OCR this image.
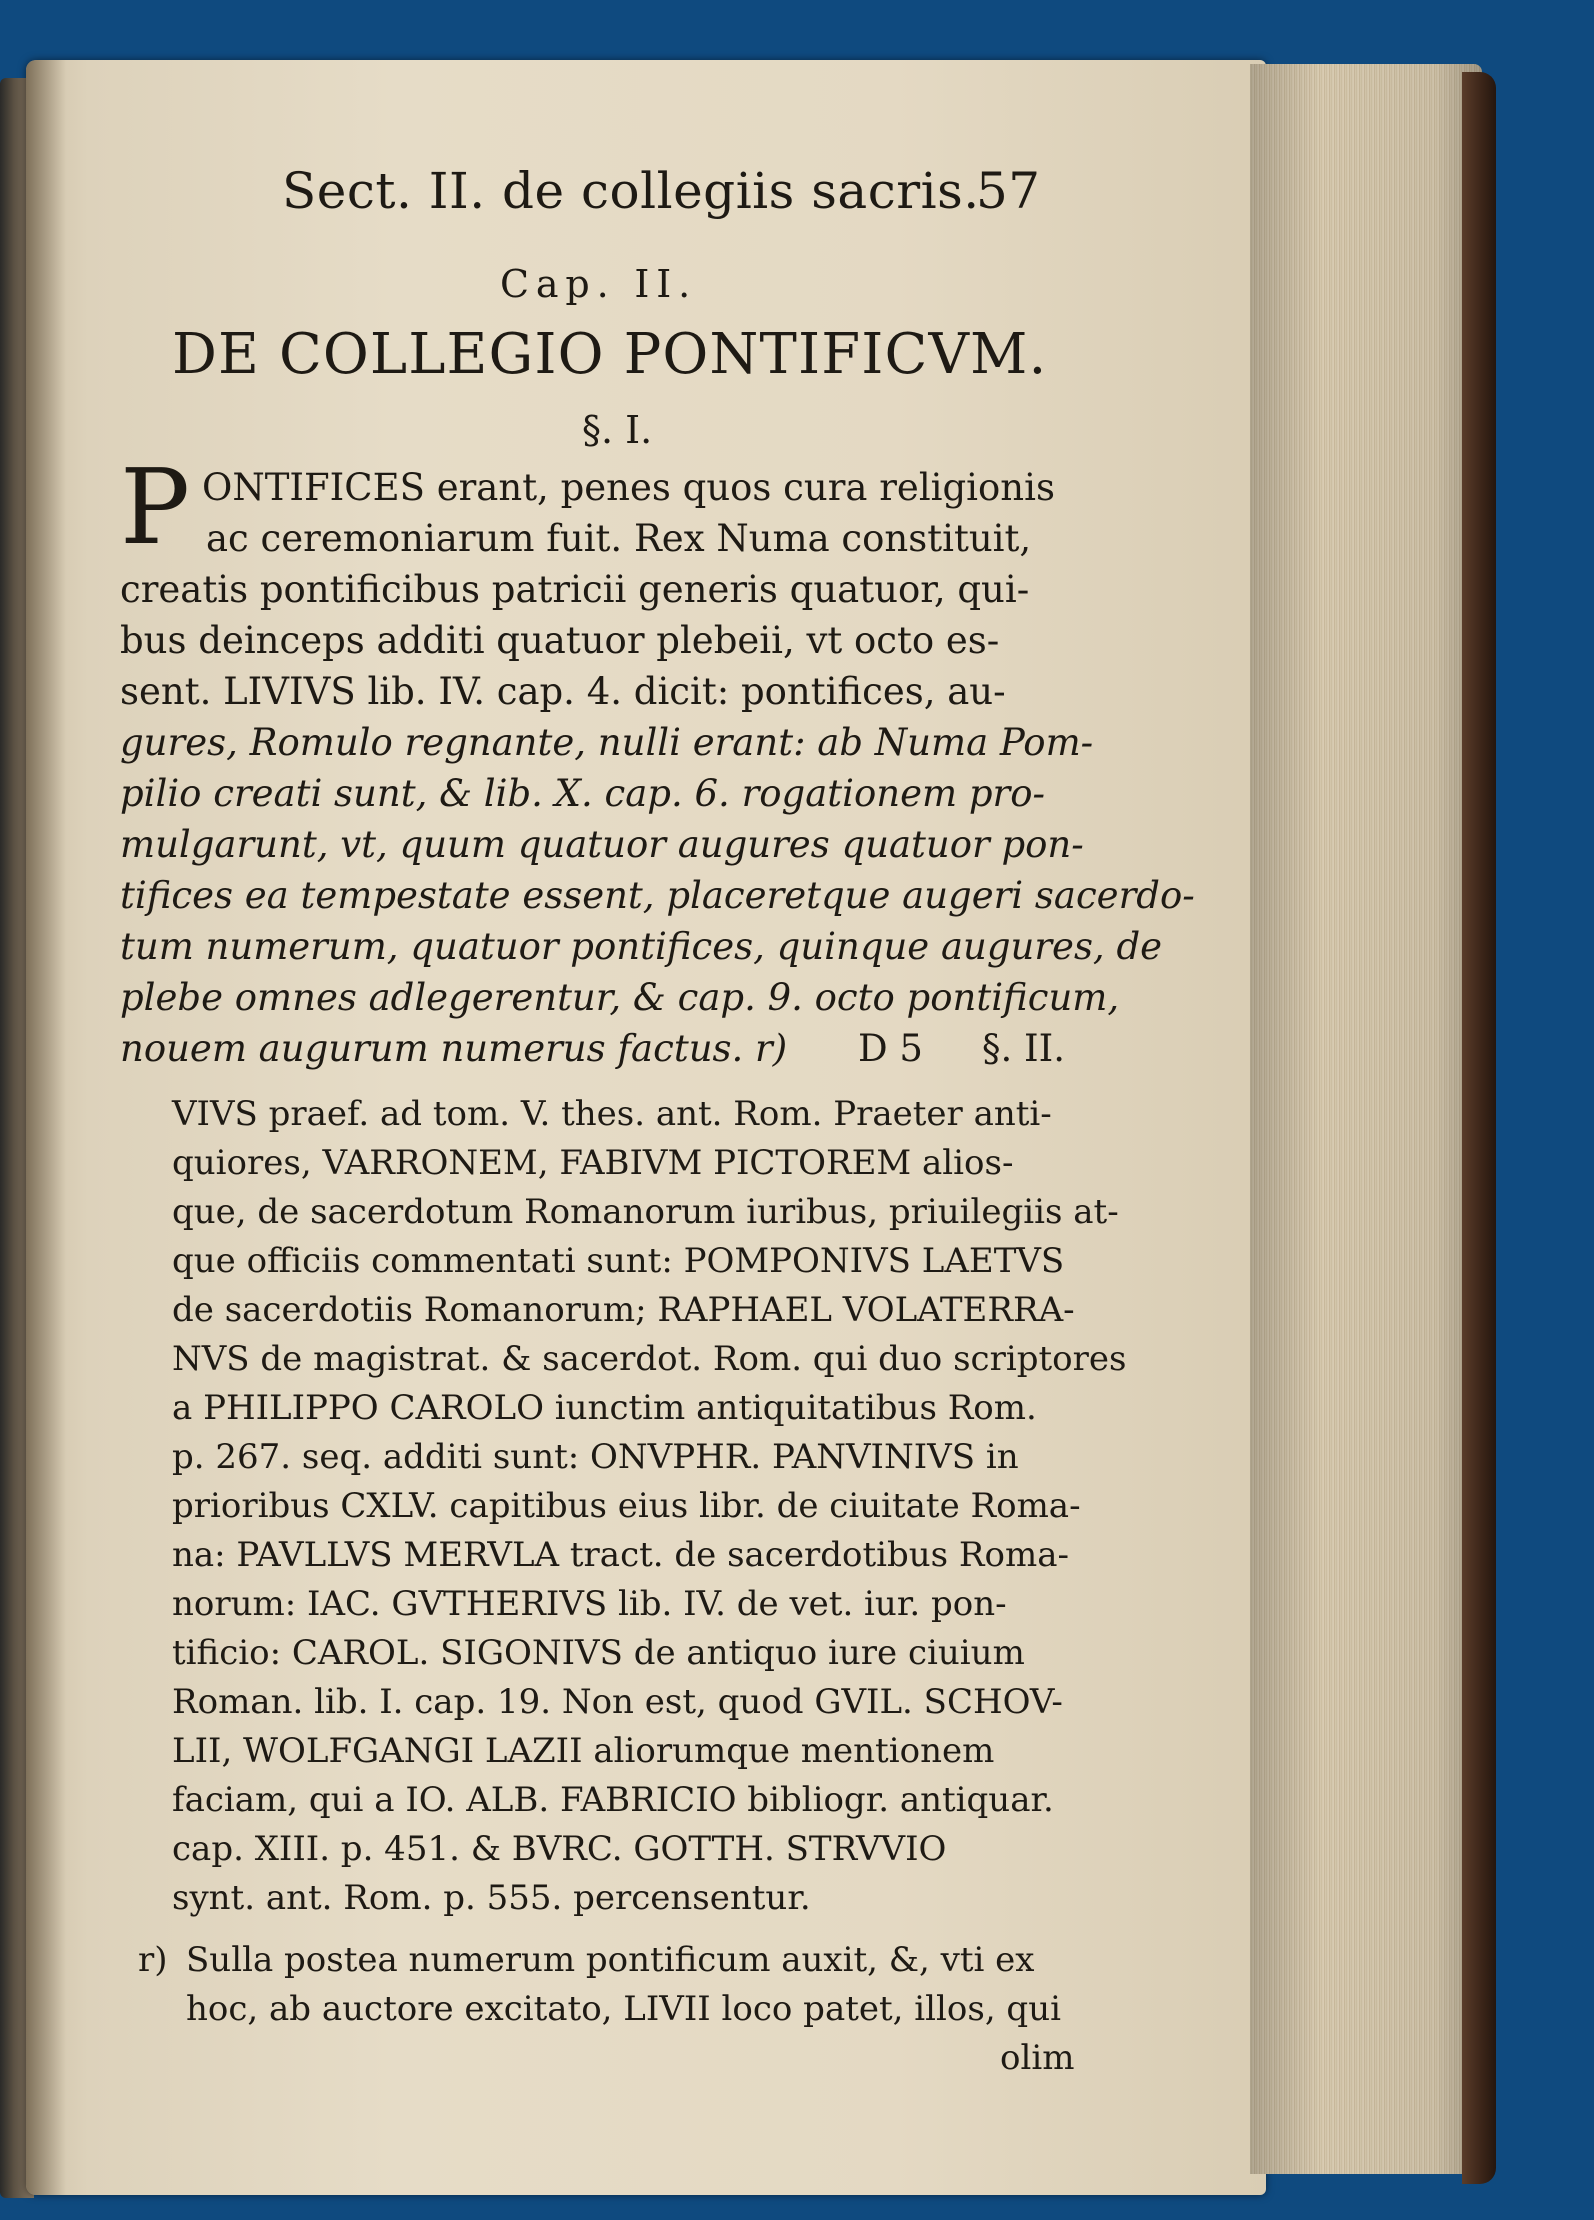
Sect. II. de collegiis sacris.
57
Cap. II.
DE COLLEGIO PONTIFICVM.
§. I.
P ONTIFICES erant, penes quos cura religionis
ac ceremoniarum fuit. Rex Numa constituit,
creatis pontificibus patricii generis quatuor, qui-
bus deinceps additi quatuor plebeii, vt octo es-
sent. LIVIVS lib. IV. cap. 4. dicit: pontifices, au-
gures, Romulo regnante, nulli erant: ab Numa Pom-
pilio creati sunt, & lib. X. cap. 6. rogationem pro-
mulgarunt, vt, quum quatuor augures quatuor pon-
tifices ea tempestate essent, placeretque augeri sacerdo-
tum numerum, quatuor pontifices, quinque augures, de
plebe omnes adlegerentur, & cap. 9. octo pontificum,
nouem augurum numerus factus. r) D 5 §. II.
VIVS praef. ad tom. V. thes. ant. Rom. Praeter anti-
quiores, VARRONEM, FABIVM PICTOREM alios-
que, de sacerdotum Romanorum iuribus, priuilegiis at-
que officiis commentati sunt: POMPONIVS LAETVS
de sacerdotiis Romanorum; RAPHAEL VOLATERRA-
NVS de magistrat. & sacerdot. Rom. qui duo scriptores
a PHILIPPO CAROLO iunctim antiquitatibus Rom.
p. 267. seq. additi sunt: ONVPHR. PANVINIVS in
prioribus CXLV. capitibus eius libr. de ciuitate Roma-
na: PAVLLVS MERVLA tract. de sacerdotibus Roma-
norum: IAC. GVTHERIVS lib. IV. de vet. iur. pon-
tificio: CAROL. SIGONIVS de antiquo iure ciuium
Roman. lib. I. cap. 19. Non est, quod GVIL. SCHOV-
LII, WOLFGANGI LAZII aliorumque mentionem
faciam, qui a IO. ALB. FABRICIO bibliogr. antiquar.
cap. XIII. p. 451. & BVRC. GOTTH. STRVVIO
synt. ant. Rom. p. 555. percensentur.
r) Sulla postea numerum pontificum auxit, &, vti ex
hoc, ab auctore excitato, LIVII loco patet, illos, qui
olim
